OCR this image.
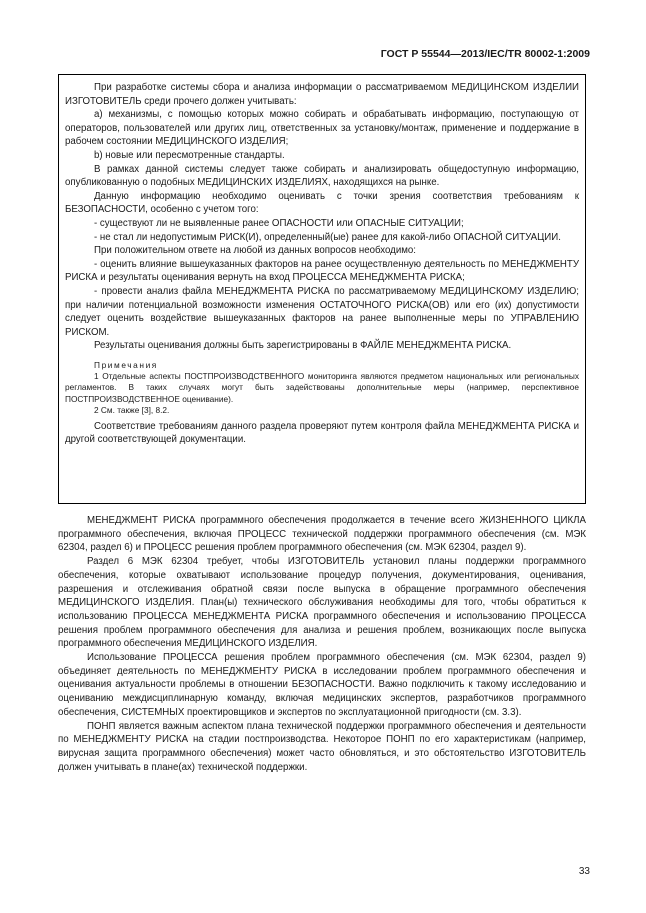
ГОСТ Р 55544—2013/IEC/TR 80002-1:2009

При разработке системы сбора и анализа информации о рассматриваемом МЕДИЦИНСКОМ ИЗДЕЛИИ ИЗГОТОВИТЕЛЬ среди прочего должен учитывать:

а) механизмы, с помощью которых можно собирать и обрабатывать информацию, поступающую от операторов, пользователей или других лиц, ответственных за установку/монтаж, применение и поддержание в рабочем состоянии МЕДИЦИНСКОГО ИЗДЕЛИЯ;

b) новые или пересмотренные стандарты.

В рамках данной системы следует также собирать и анализировать общедоступную информацию, опубликованную о подобных МЕДИЦИНСКИХ ИЗДЕЛИЯХ, находящихся на рынке.

Данную информацию необходимо оценивать с точки зрения соответствия требованиям к БЕЗОПАСНОСТИ, особенно с учетом того:

- существуют ли не выявленные ранее ОПАСНОСТИ или ОПАСНЫЕ СИТУАЦИИ;

- не стал ли недопустимым РИСК(И), определенный(ые) ранее для какой-либо ОПАСНОЙ СИТУАЦИИ.

При положительном ответе на любой из данных вопросов необходимо:

- оценить влияние вышеуказанных факторов на ранее осуществленную деятельность по МЕНЕДЖМЕНТУ РИСКА и результаты оценивания вернуть на вход ПРОЦЕССА МЕНЕДЖМЕНТА РИСКА;

- провести анализ файла МЕНЕДЖМЕНТА РИСКА по рассматриваемому МЕДИЦИНСКОМУ ИЗДЕЛИЮ; при наличии потенциальной возможности изменения ОСТАТОЧНОГО РИСКА(ОВ) или его (их) допустимости следует оценить воздействие вышеуказанных факторов на ранее выполненные меры по УПРАВЛЕНИЮ РИСКОМ.

Результаты оценивания должны быть зарегистрированы в ФАЙЛЕ МЕНЕДЖМЕНТА РИСКА.

Примечания

1 Отдельные аспекты ПОСТПРОИЗВОДСТВЕННОГО мониторинга являются предметом национальных или региональных регламентов. В таких случаях могут быть задействованы дополнительные меры (например, перспективное ПОСТПРОИЗВОДСТВЕННОЕ оценивание).

2 См. также [3], 8.2.

Соответствие требованиям данного раздела проверяют путем контроля файла МЕНЕДЖМЕНТА РИСКА и другой соответствующей документации.

МЕНЕДЖМЕНТ РИСКА программного обеспечения продолжается в течение всего ЖИЗНЕННОГО ЦИКЛА программного обеспечения, включая ПРОЦЕСС технической поддержки программного обеспечения (см. МЭК 62304, раздел 6) и ПРОЦЕСС решения проблем программного обеспечения (см. МЭК 62304, раздел 9).

Раздел 6 МЭК 62304 требует, чтобы ИЗГОТОВИТЕЛЬ установил планы поддержки программного обеспечения, которые охватывают использование процедур получения, документирования, оценивания, разрешения и отслеживания обратной связи после выпуска в обращение программного обеспечения МЕДИЦИНСКОГО ИЗДЕЛИЯ. План(ы) технического обслуживания необходимы для того, чтобы обратиться к использованию ПРОЦЕССА МЕНЕДЖМЕНТА РИСКА программного обеспечения и использованию ПРОЦЕССА решения проблем программного обеспечения для анализа и решения проблем, возникающих после выпуска программного обеспечения МЕДИЦИНСКОГО ИЗДЕЛИЯ.

Использование ПРОЦЕССА решения проблем программного обеспечения (см. МЭК 62304, раздел 9) объединяет деятельность по МЕНЕДЖМЕНТУ РИСКА в исследовании проблем программного обеспечения и оценивания актуальности проблемы в отношении БЕЗОПАСНОСТИ. Важно подключить к такому исследованию и оцениванию междисциплинарную команду, включая медицинских экспертов, разработчиков программного обеспечения, СИСТЕМНЫХ проектировщиков и экспертов по эксплуатационной пригодности (см. 3.3).

ПОНП является важным аспектом плана технической поддержки программного обеспечения и деятельности по МЕНЕДЖМЕНТУ РИСКА на стадии постпроизводства. Некоторое ПОНП по его характеристикам (например, вирусная защита программного обеспечения) может часто обновляться, и это обстоятельство ИЗГОТОВИТЕЛЬ должен учитывать в плане(ах) технической поддержки.

33
